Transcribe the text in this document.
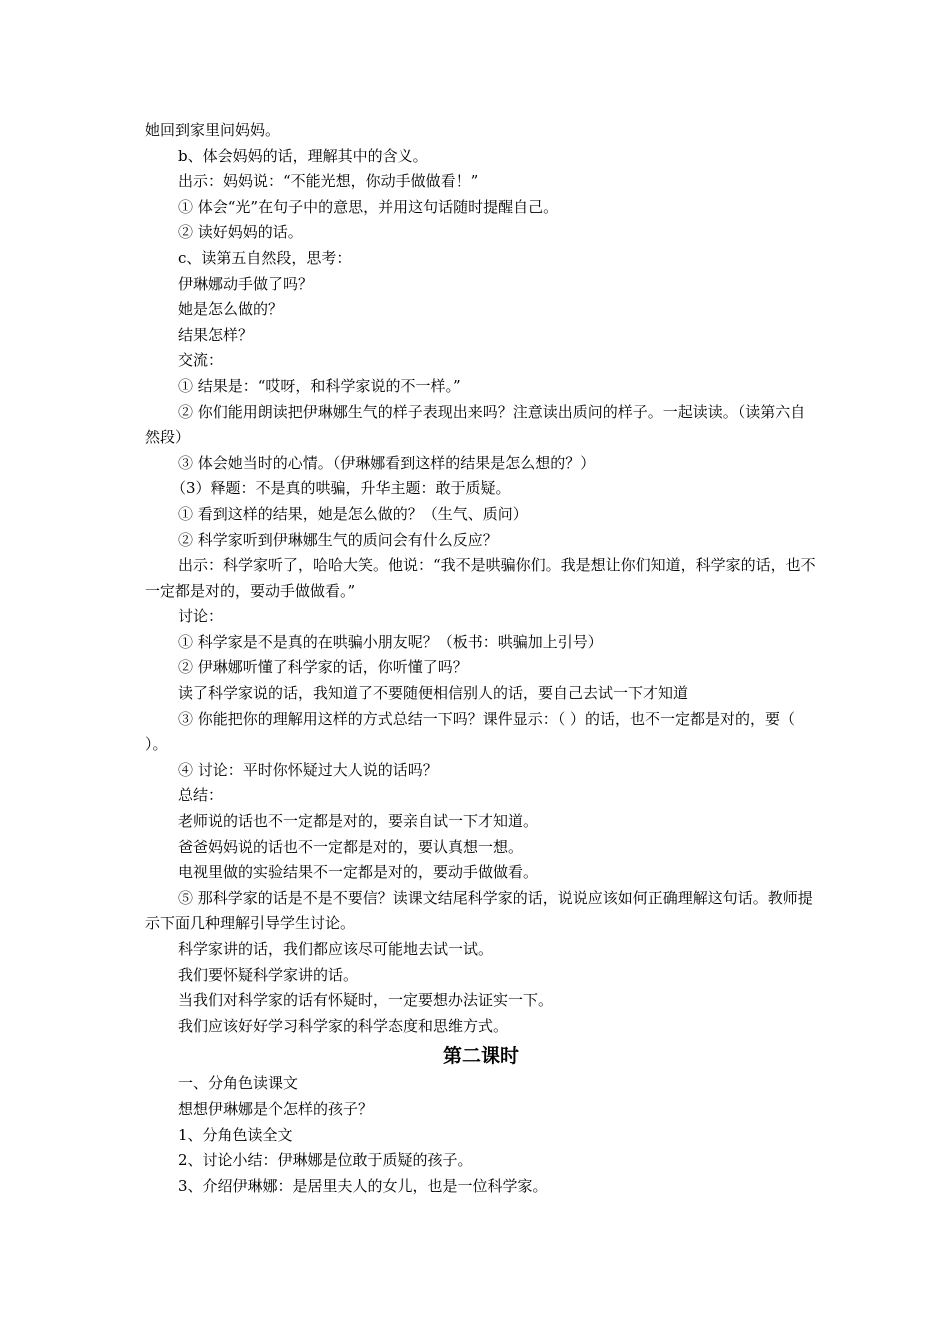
她回到家里问妈妈。

b、体会妈妈的话，理解其中的含义。

出示：妈妈说：“不能光想，你动手做做看！”

① 体会“光”在句子中的意思，并用这句话随时提醒自己。

② 读好妈妈的话。

c、读第五自然段，思考：

伊琳娜动手做了吗？

她是怎么做的？

结果怎样？

交流：

① 结果是：“哎呀，和科学家说的不一样。”

② 你们能用朗读把伊琳娜生气的样子表现出来吗？注意读出质问的样子。一起读读。（读第六自然段）

③ 体会她当时的心情。（伊琳娜看到这样的结果是怎么想的？）

（3）释题：不是真的哄骗，升华主题：敢于质疑。

① 看到这样的结果，她是怎么做的？（生气、质问）

② 科学家听到伊琳娜生气的质问会有什么反应？

出示：科学家听了，哈哈大笑。他说：“我不是哄骗你们。我是想让你们知道，科学家的话，也不一定都是对的，要动手做做看。”

讨论：

① 科学家是不是真的在哄骗小朋友呢？（板书：哄骗加上引号）

② 伊琳娜听懂了科学家的话，你听懂了吗？

读了科学家说的话，我知道了不要随便相信别人的话，要自己去试一下才知道

③ 你能把你的理解用这样的方式总结一下吗？课件显示：（ ）的话，也不一定都是对的，要（ ）。

④ 讨论：平时你怀疑过大人说的话吗？

总结：

老师说的话也不一定都是对的，要亲自试一下才知道。

爸爸妈妈说的话也不一定都是对的，要认真想一想。

电视里做的实验结果不一定都是对的，要动手做做看。

⑤ 那科学家的话是不是不要信？读课文结尾科学家的话，说说应该如何正确理解这句话。教师提示下面几种理解引导学生讨论。

科学家讲的话，我们都应该尽可能地去试一试。

我们要怀疑科学家讲的话。

当我们对科学家的话有怀疑时，一定要想办法证实一下。

我们应该好好学习科学家的科学态度和思维方式。

第二课时

一、分角色读课文

想想伊琳娜是个怎样的孩子？

1、分角色读全文

2、讨论小结：伊琳娜是位敢于质疑的孩子。

3、介绍伊琳娜：是居里夫人的女儿，也是一位科学家。
